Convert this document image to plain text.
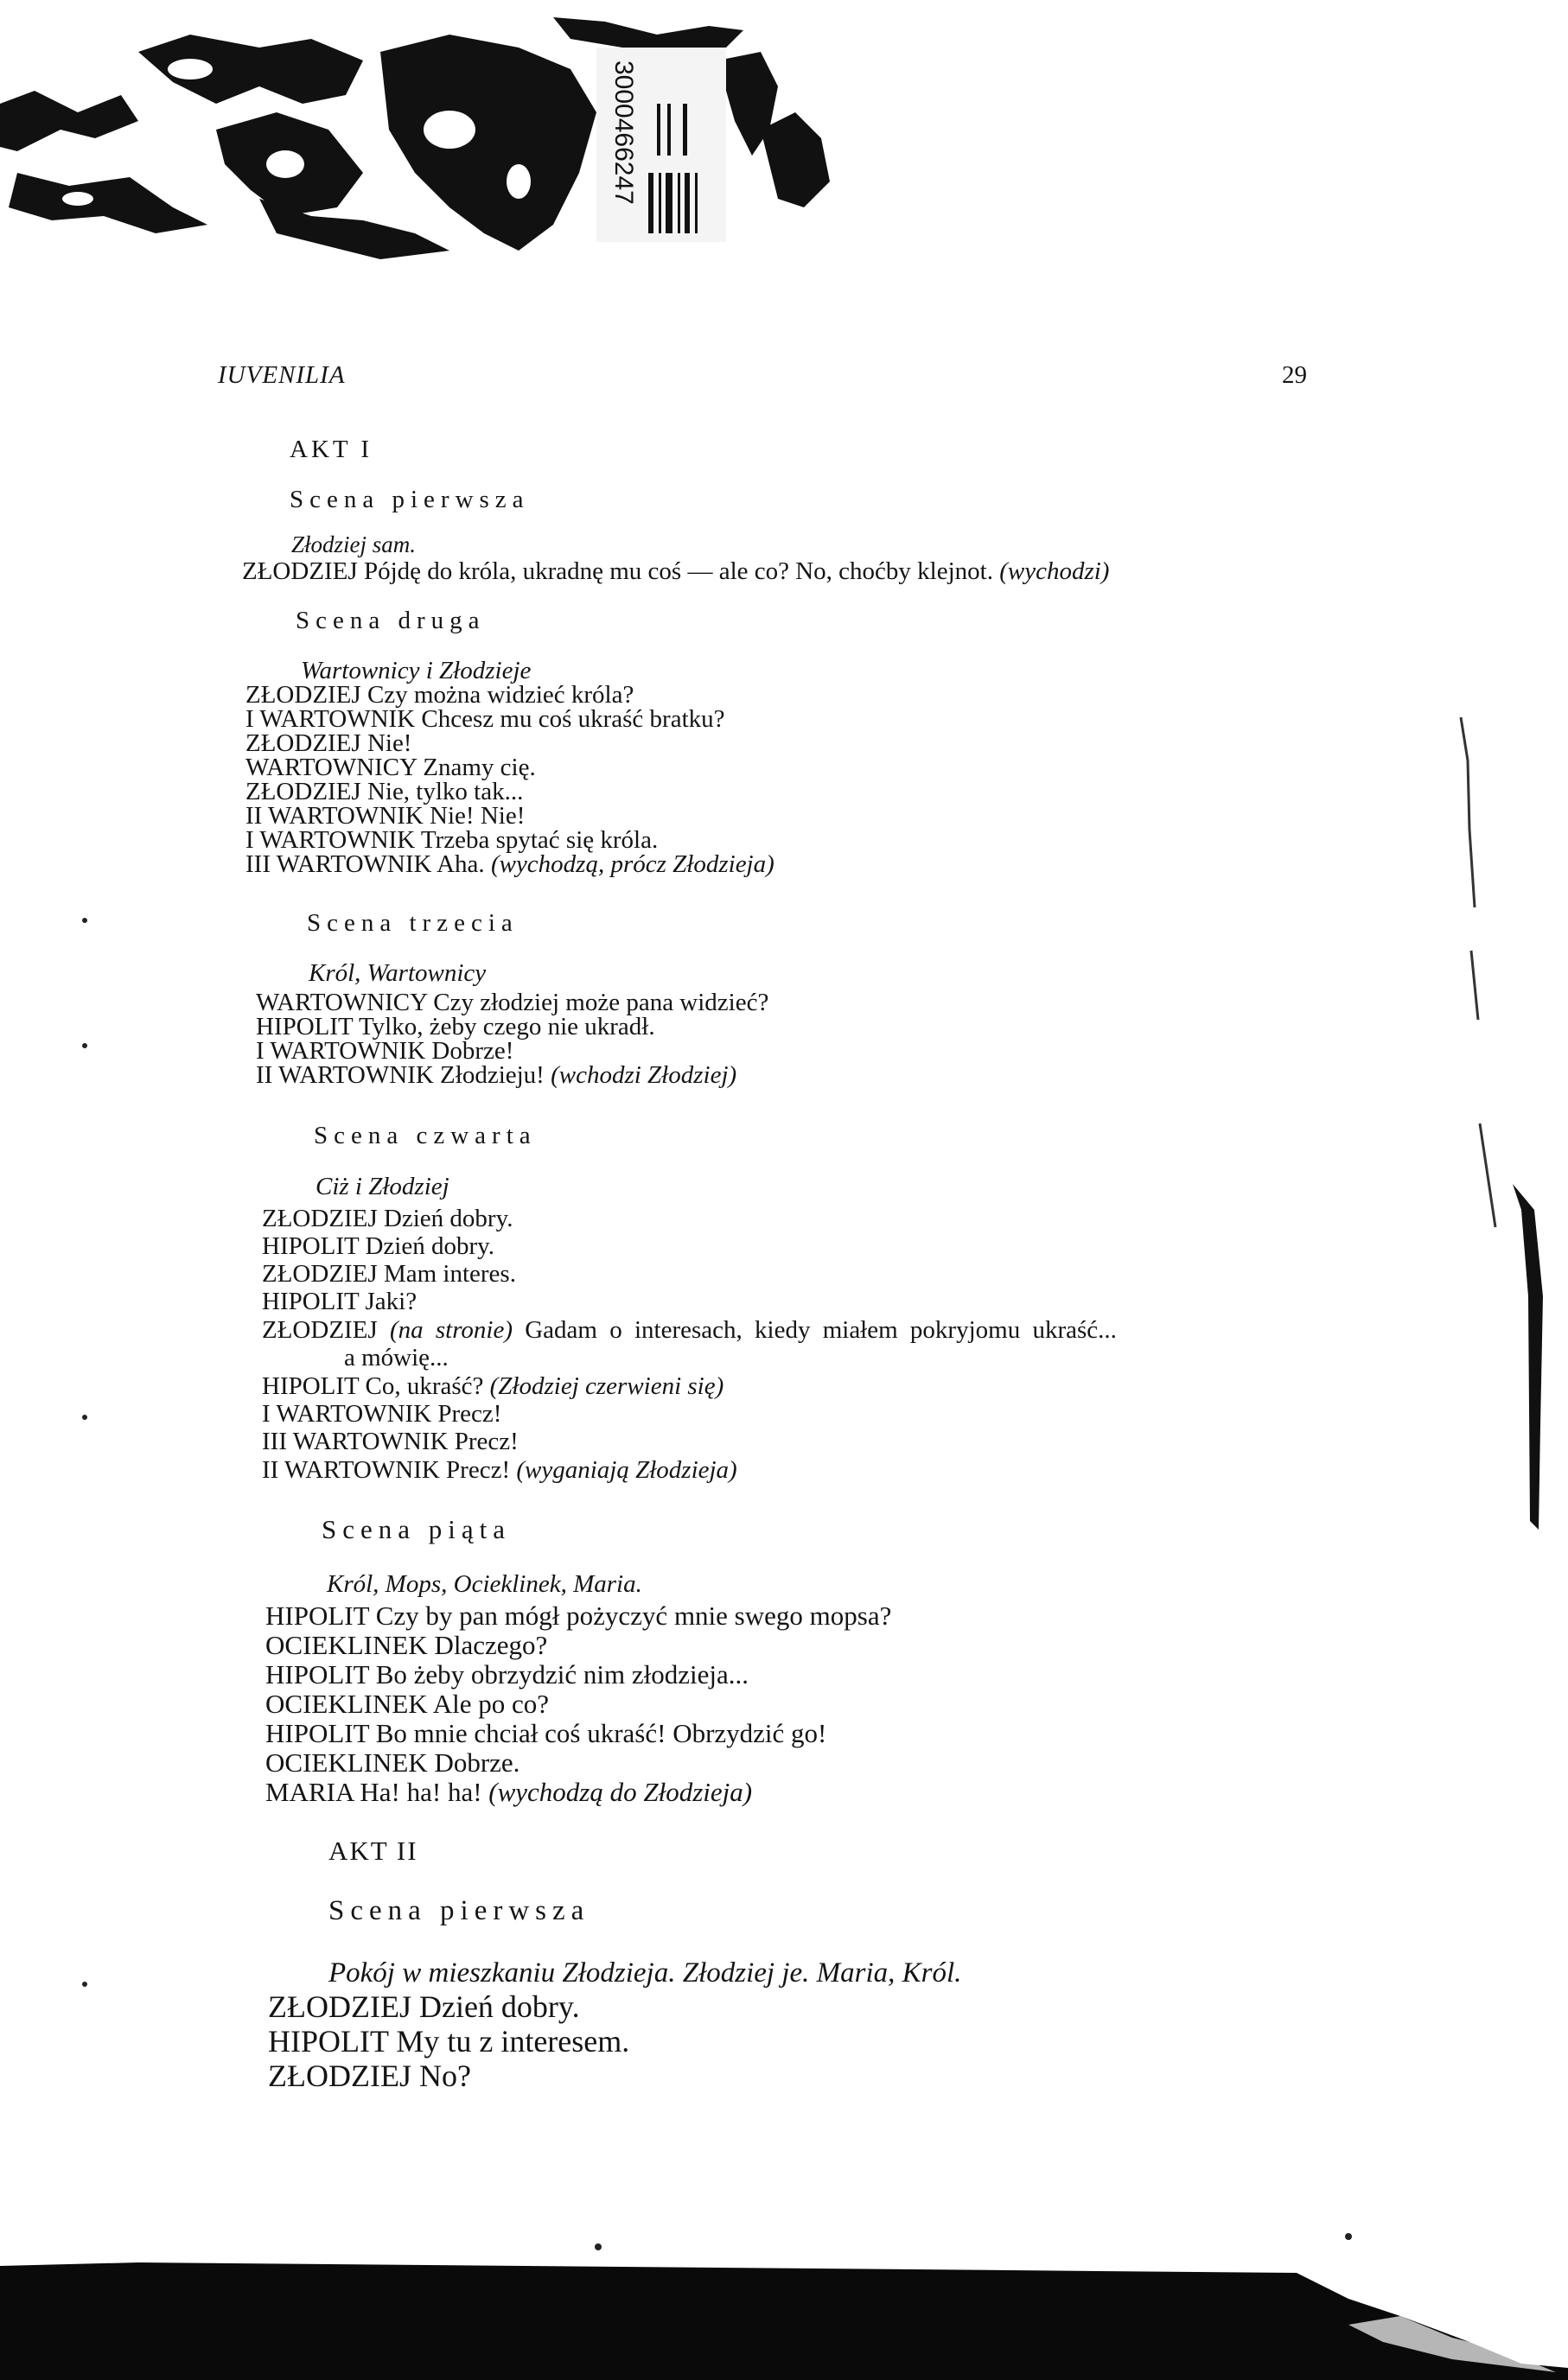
3000466247
IUVENILIA	29
AKT I
Scena pierwsza
Złodziej sam.
ZŁODZIEJ Pójdę do króla, ukradnę mu coś — ale co? No, choćby klejnot. (wychodzi)
Scena druga
Wartownicy i Złodzieje
ZŁODZIEJ Czy można widzieć króla?
I WARTOWNIK Chcesz mu coś ukraść bratku?
ZŁODZIEJ Nie!
WARTOWNICY Znamy cię.
ZŁODZIEJ Nie, tylko tak...
II WARTOWNIK Nie! Nie!
I WARTOWNIK Trzeba spytać się króla.
III WARTOWNIK Aha. (wychodzą, prócz Złodzieja)
Scena trzecia
Król, Wartownicy
WARTOWNICY Czy złodziej może pana widzieć?
HIPOLIT Tylko, żeby czego nie ukradł.
I WARTOWNIK Dobrze!
II WARTOWNIK Złodzieju! (wchodzi Złodziej)
Scena czwarta
Ciż i Złodziej
ZŁODZIEJ Dzień dobry.
HIPOLIT Dzień dobry.
ZŁODZIEJ Mam interes.
HIPOLIT Jaki?
ZŁODZIEJ (na stronie) Gadam o interesach, kiedy miałem pokryjomu ukraść...
a mówię...
HIPOLIT Co, ukraść? (Złodziej czerwieni się)
I WARTOWNIK Precz!
III WARTOWNIK Precz!
II WARTOWNIK Precz! (wyganiają Złodzieja)
Scena piąta
Król, Mops, Ocieklinek, Maria.
HIPOLIT Czy by pan mógł pożyczyć mnie swego mopsa?
OCIEKLINEK Dlaczego?
HIPOLIT Bo żeby obrzydzić nim złodzieja...
OCIEKLINEK Ale po co?
HIPOLIT Bo mnie chciał coś ukraść! Obrzydzić go!
OCIEKLINEK Dobrze.
MARIA Ha! ha! ha! (wychodzą do Złodzieja)
AKT II
Scena pierwsza
Pokój w mieszkaniu Złodzieja. Złodziej je. Maria, Król.
ZŁODZIEJ Dzień dobry.
HIPOLIT My tu z interesem.
ZŁODZIEJ No?
